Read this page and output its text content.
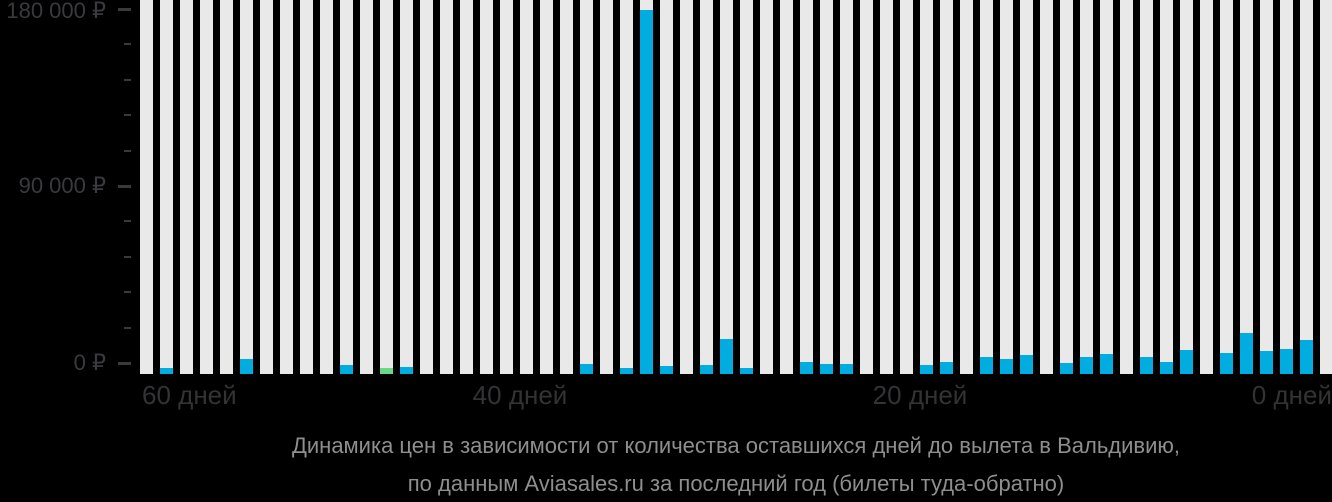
180 000 ₽
90 000 ₽
0 ₽
60 дней	40 дней	20 дней	0 дней
Динамика цен в зависимости от количества оставшихся дней до вылета в Вальдивию,
по данным Aviasales.ru за последний год (билеты туда-обратно)
